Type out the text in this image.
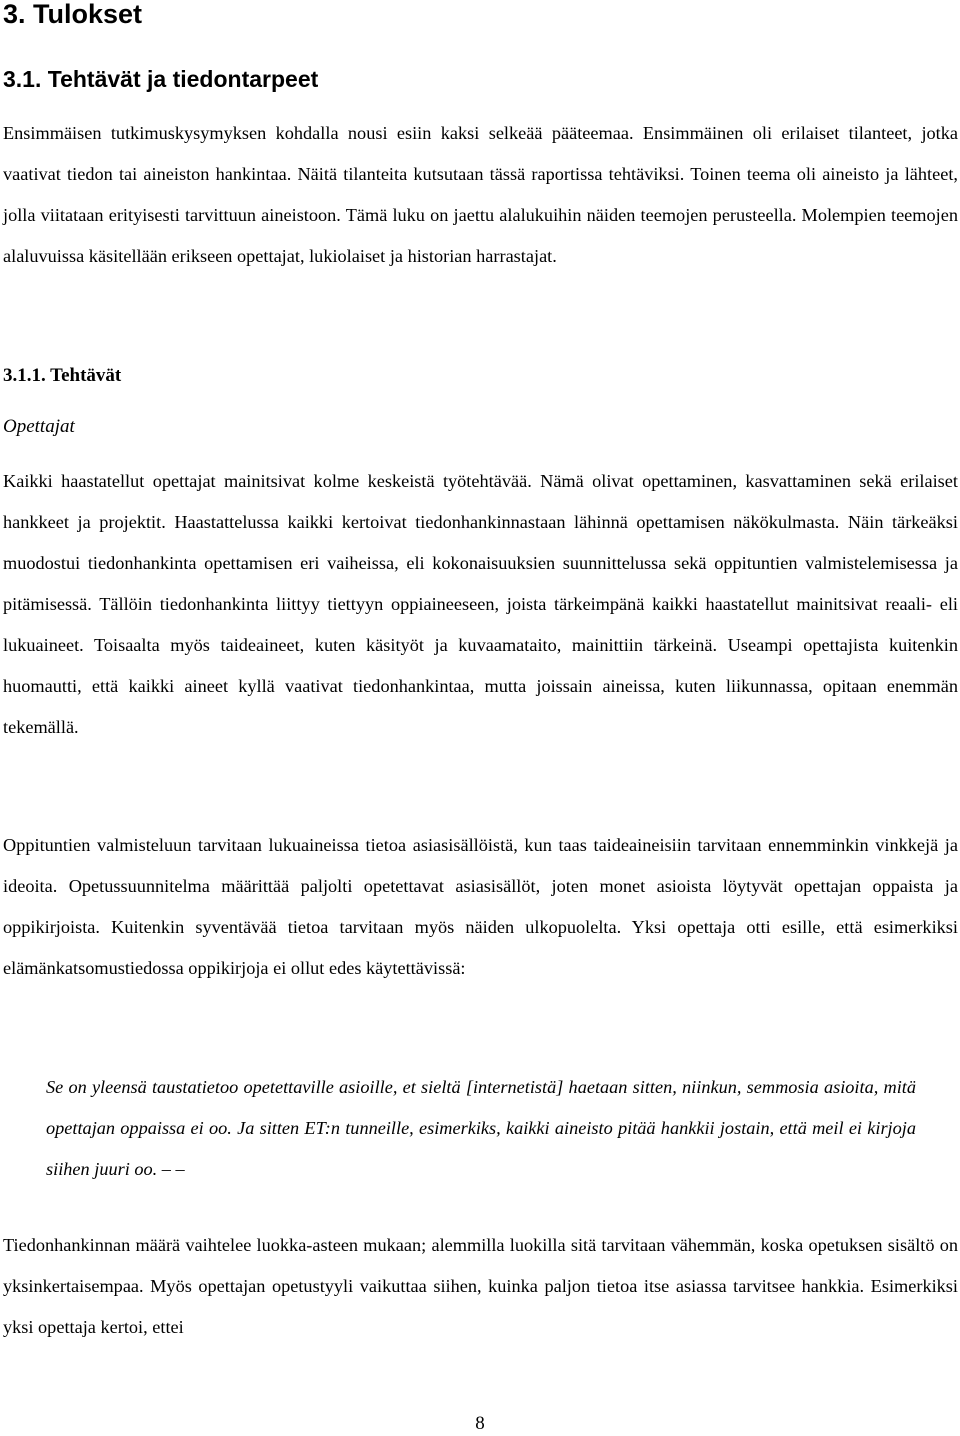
3. Tulokset
3.1. Tehtävät ja tiedontarpeet

Ensimmäisen tutkimuskysymyksen kohdalla nousi esiin kaksi selkeää pääteemaa. Ensimmäinen oli erilaiset tilanteet, jotka vaativat tiedon tai aineiston hankintaa. Näitä tilanteita kutsutaan tässä raportissa tehtäviksi. Toinen teema oli aineisto ja lähteet, jolla viitataan erityisesti tarvittuun aineistoon. Tämä luku on jaettu alalukuihin näiden teemojen perusteella. Molempien teemojen alaluvuissa käsitellään erikseen opettajat, lukiolaiset ja historian harrastajat.

3.1.1. Tehtävät

Opettajat

Kaikki haastatellut opettajat mainitsivat kolme keskeistä työtehtävää. Nämä olivat opettaminen, kasvattaminen sekä erilaiset hankkeet ja projektit. Haastattelussa kaikki kertoivat tiedonhankinnastaan lähinnä opettamisen näkökulmasta. Näin tärkeäksi muodostui tiedonhankinta opettamisen eri vaiheissa, eli kokonaisuuksien suunnittelussa sekä oppituntien valmistelemisessa ja pitämisessä. Tällöin tiedonhankinta liittyy tiettyyn oppiaineeseen, joista tärkeimpänä kaikki haastatellut mainitsivat reaali- eli lukuaineet. Toisaalta myös taideaineet, kuten käsityöt ja kuvaamataito, mainittiin tärkeinä. Useampi opettajista kuitenkin huomautti, että kaikki aineet kyllä vaativat tiedonhankintaa, mutta joissain aineissa, kuten liikunnassa, opitaan enemmän tekemällä.

Oppituntien valmisteluun tarvitaan lukuaineissa tietoa asiasisällöistä, kun taas taideaineisiin tarvitaan ennemminkin vinkkejä ja ideoita. Opetussuunnitelma määrittää paljolti opetettavat asiasisällöt, joten monet asioista löytyvät opettajan oppaista ja oppikirjoista. Kuitenkin syventävää tietoa tarvitaan myös näiden ulkopuolelta. Yksi opettaja otti esille, että esimerkiksi elämänkatsomustiedossa oppikirjoja ei ollut edes käytettävissä:

Se on yleensä taustatietoo opetettaville asioille, et sieltä [internetistä] haetaan sitten, niinkun, semmosia asioita, mitä opettajan oppaissa ei oo. Ja sitten ET:n tunneille, esimerkiks, kaikki aineisto pitää hankkii jostain, että meil ei kirjoja siihen juuri oo. – –

Tiedonhankinnan määrä vaihtelee luokka-asteen mukaan; alemmilla luokilla sitä tarvitaan vähemmän, koska opetuksen sisältö on yksinkertaisempaa. Myös opettajan opetustyyli vaikuttaa siihen, kuinka paljon tietoa itse asiassa tarvitsee hankkia. Esimerkiksi yksi opettaja kertoi, ettei

8
